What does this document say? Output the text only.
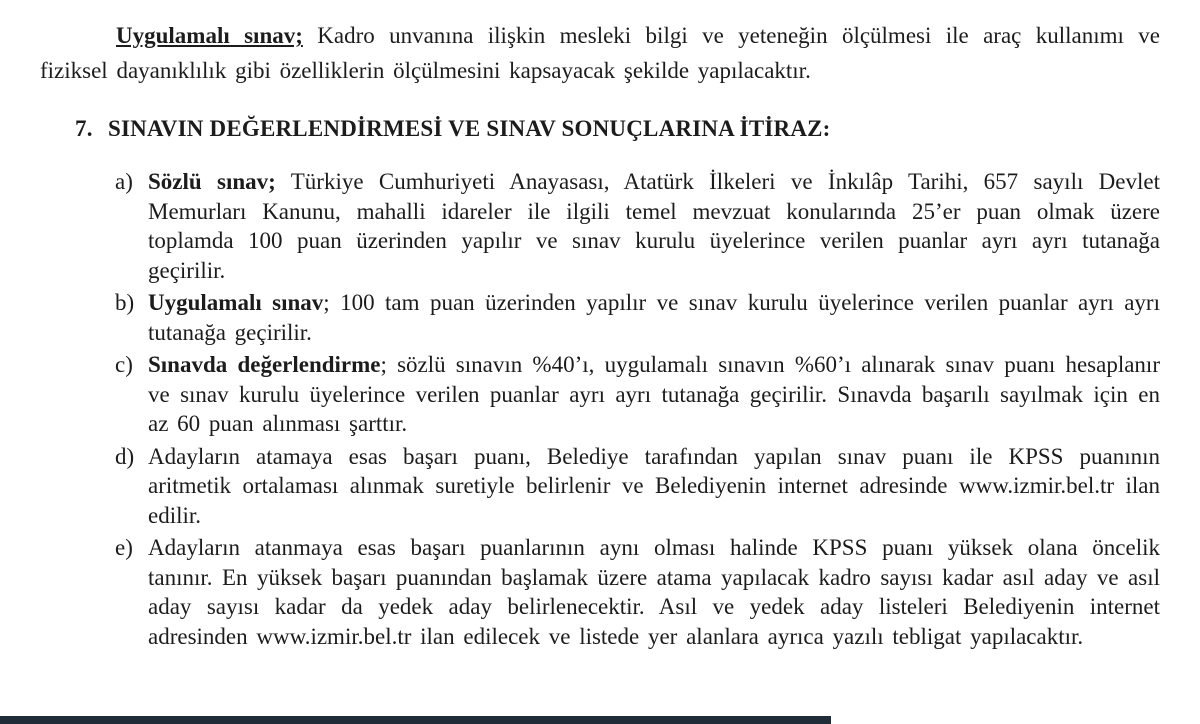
Uygulamalı sınav; Kadro unvanına ilişkin mesleki bilgi ve yeteneğin ölçülmesi ile araç kullanımı ve fiziksel dayanıklılık gibi özelliklerin ölçülmesini kapsayacak şekilde yapılacaktır.

7. SINAVIN DEĞERLENDİRMESİ VE SINAV SONUÇLARINA İTİRAZ:
a) Sözlü sınav; Türkiye Cumhuriyeti Anayasası, Atatürk İlkeleri ve İnkılâp Tarihi, 657 sayılı Devlet Memurları Kanunu, mahalli idareler ile ilgili temel mevzuat konularında 25’er puan olmak üzere toplamda 100 puan üzerinden yapılır ve sınav kurulu üyelerince verilen puanlar ayrı ayrı tutanağa geçirilir.
b) Uygulamalı sınav; 100 tam puan üzerinden yapılır ve sınav kurulu üyelerince verilen puanlar ayrı ayrı tutanağa geçirilir.
c) Sınavda değerlendirme; sözlü sınavın %40’ı, uygulamalı sınavın %60’ı alınarak sınav puanı hesaplanır ve sınav kurulu üyelerince verilen puanlar ayrı ayrı tutanağa geçirilir. Sınavda başarılı sayılmak için en az 60 puan alınması şarttır.
d) Adayların atamaya esas başarı puanı, Belediye tarafından yapılan sınav puanı ile KPSS puanının aritmetik ortalaması alınmak suretiyle belirlenir ve Belediyenin internet adresinde www.izmir.bel.tr ilan edilir.
e) Adayların atanmaya esas başarı puanlarının aynı olması halinde KPSS puanı yüksek olana öncelik tanınır. En yüksek başarı puanından başlamak üzere atama yapılacak kadro sayısı kadar asıl aday ve asıl aday sayısı kadar da yedek aday belirlenecektir. Asıl ve yedek aday listeleri Belediyenin internet adresinden www.izmir.bel.tr ilan edilecek ve listede yer alanlara ayrıca yazılı tebligat yapılacaktır.
